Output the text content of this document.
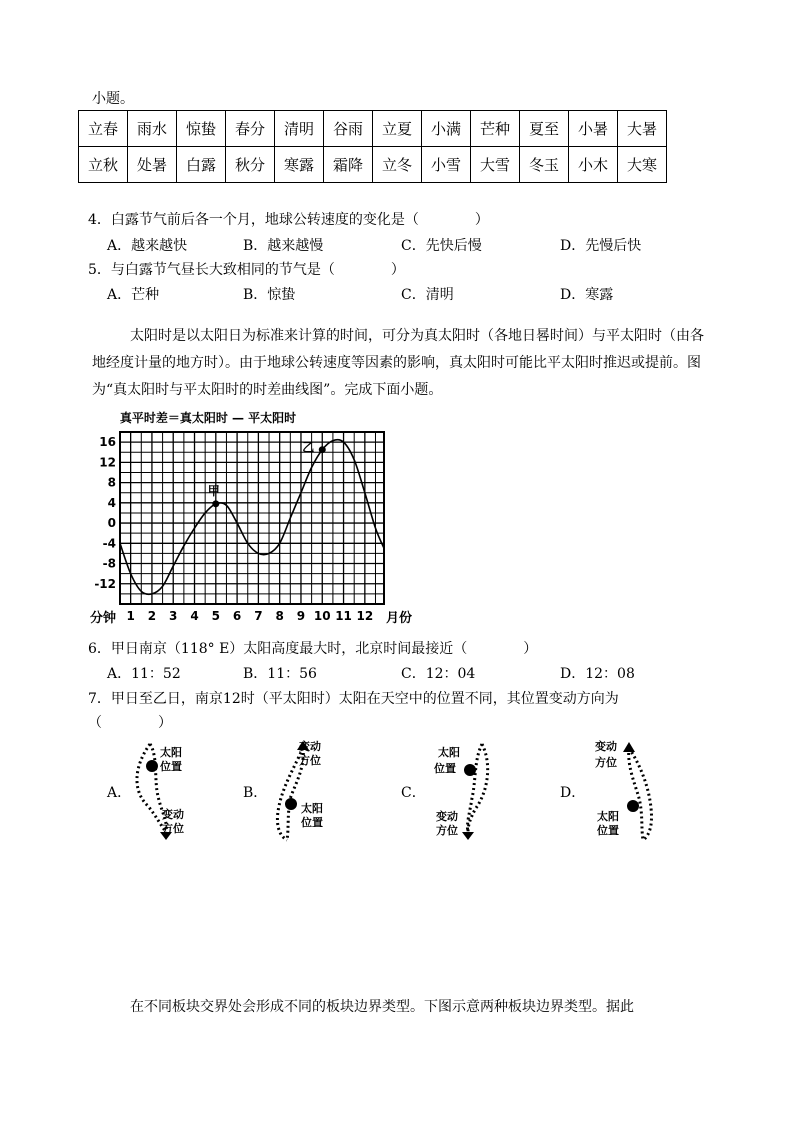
小题。
立春	雨水	惊蛰	春分	清明	谷雨	立夏	小满	芒种	夏至	小暑	大暑
立秋	处暑	白露	秋分	寒露	霜降	立冬	小雪	大雪	冬玉	小木	大寒
4．白露节气前后各一个月，地球公转速度的变化是（　　　　）
A．越来越快	B．越来越慢	C．先快后慢	D．先慢后快
5．与白露节气昼长大致相同的节气是（　　　　）
A．芒种	B．惊蛰	C．清明	D．寒露
太阳时是以太阳日为标准来计算的时间，可分为真太阳时（各地日晷时间）与平太阳时（由各地经度计量的地方时）。由于地球公转速度等因素的影响，真太阳时可能比平太阳时推迟或提前。图为“真太阳时与平太阳时的时差曲线图”。完成下面小题。
真平时差＝真太阳时 — 平太阳时
16
12
8
4
0
-4
-8
-12
1 2 3 4 5 6 7 8 9 10 11 12
甲
乙
分钟	月份
6．甲日南京（118° E）太阳高度最大时，北京时间最接近（　　　　）
A．11：52	B．11：56	C．12：04	D．12：08
7．甲日至乙日，南京12时（平太阳时）太阳在天空中的位置不同，其位置变动方向为
（　　　　）
A．
太阳
位置
变动
方位
B．
变动
方位
太阳
位置
C．
太阳
位置
变动
方位
D．
变动
方位
太阳
位置
在不同板块交界处会形成不同的板块边界类型。下图示意两种板块边界类型。据此
